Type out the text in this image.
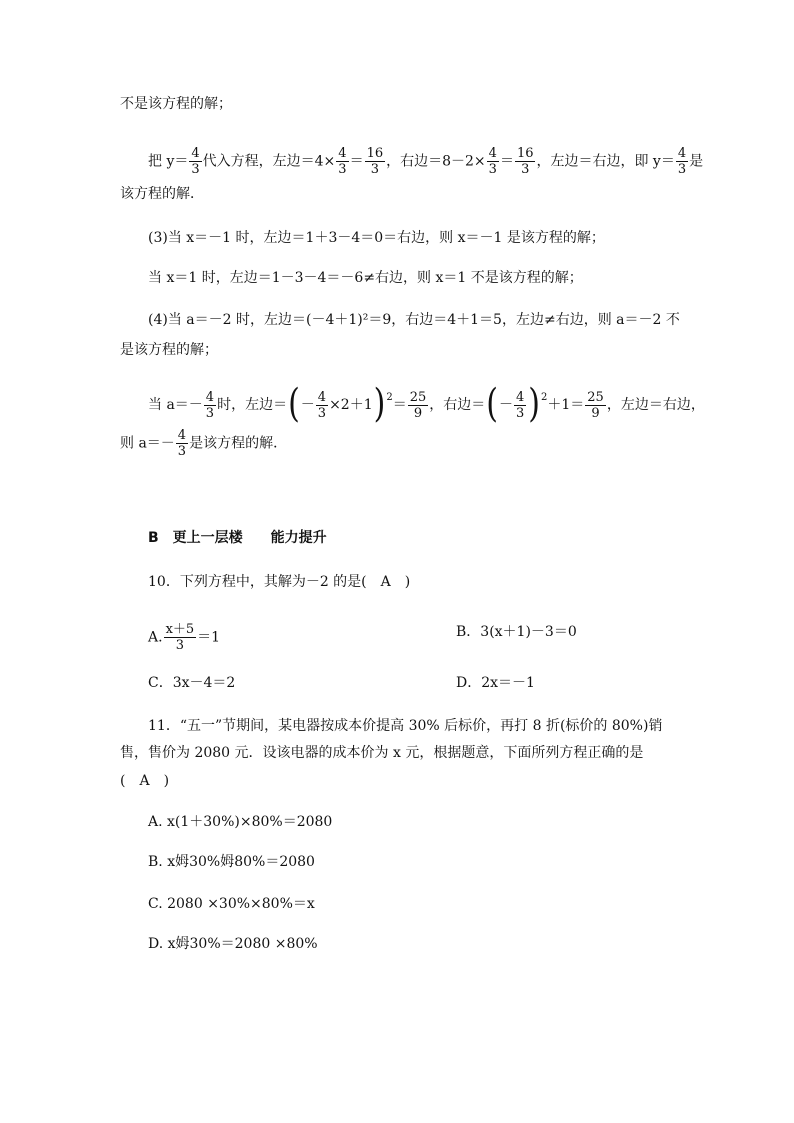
不是该方程的解；
把 $y= \frac{4}{3}$ 代入方程，左边$=4\times \frac{4}{3} = \frac{16}{3}$ ，右边$=8-2\times \frac{4}{3} = \frac{16}{3}$ ，左边＝右边，即 $y= \frac{4}{3}$ 是
该方程的解．
(3)当 x＝－1 时，左边＝1＋3－4＝0＝右边，则 x＝－1 是该方程的解；
当 x＝1 时，左边＝1－3－4＝－6≠右边，则 x＝1 不是该方程的解；
(4)当 a＝－2 时，左边＝(－4＋1)²＝9，右边＝4＋1＝5，左边≠右边，则 a＝－2 不
是该方程的解；
当 $a=- \frac{4}{3}$ 时，左边＝(－ $\frac{4}{3} \times 2+1)^2= \frac{25}{9}$ ，右边＝(－ $\frac{4}{3} )^2+1= \frac{25}{9}$ ，左边＝右边，
则 $a=- \frac{4}{3}$ 是该方程的解．
B　更上一层楼　　能力提升
10．下列方程中，其解为－2 的是(　A　)
A. $\frac{x+5}{3} =1$	B．3(x＋1)－3＝0
C．3x－4＝2	D．2x＝－1
11．“五一”节期间，某电器按成本价提高 30% 后标价，再打 8 折(标价的 80%)销
售，售价为 2080 元．设该电器的成本价为 x 元，根据题意，下面所列方程正确的是
(　A　)
A. x(1＋30%)×80%＝2080
B. x姆30%姆80%＝2080
C. 2080 ×30%×80%＝x
D. x姆30%＝2080 ×80%
